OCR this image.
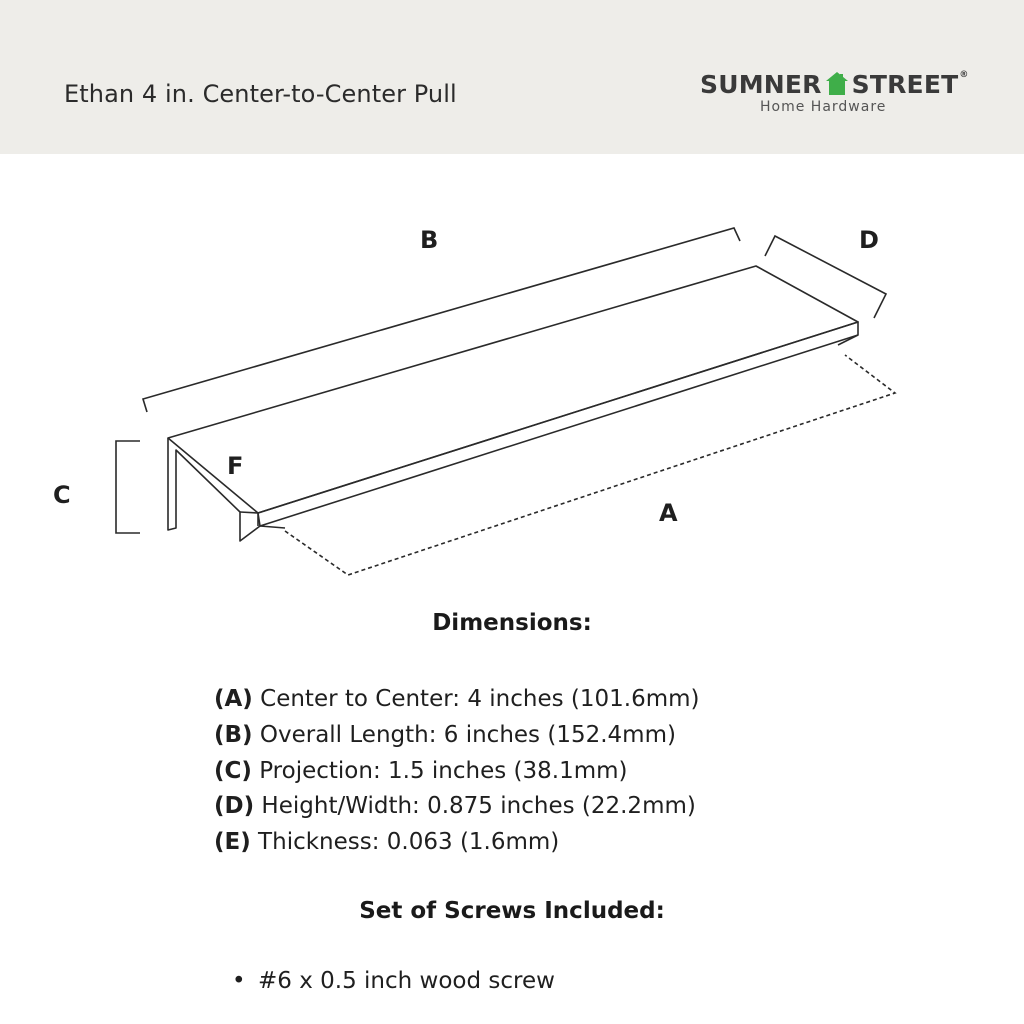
Ethan 4 in. Center-to-Center Pull	SUMNER STREET®
Home Hardware
B	D
F
C
A
Dimensions:
(A) Center to Center: 4 inches (101.6mm)
(B) Overall Length: 6 inches (152.4mm)
(C) Projection: 1.5 inches (38.1mm)
(D) Height/Width: 0.875 inches (22.2mm)
(E) Thickness: 0.063 (1.6mm)
Set of Screws Included:
• #6 x 0.5 inch wood screw
